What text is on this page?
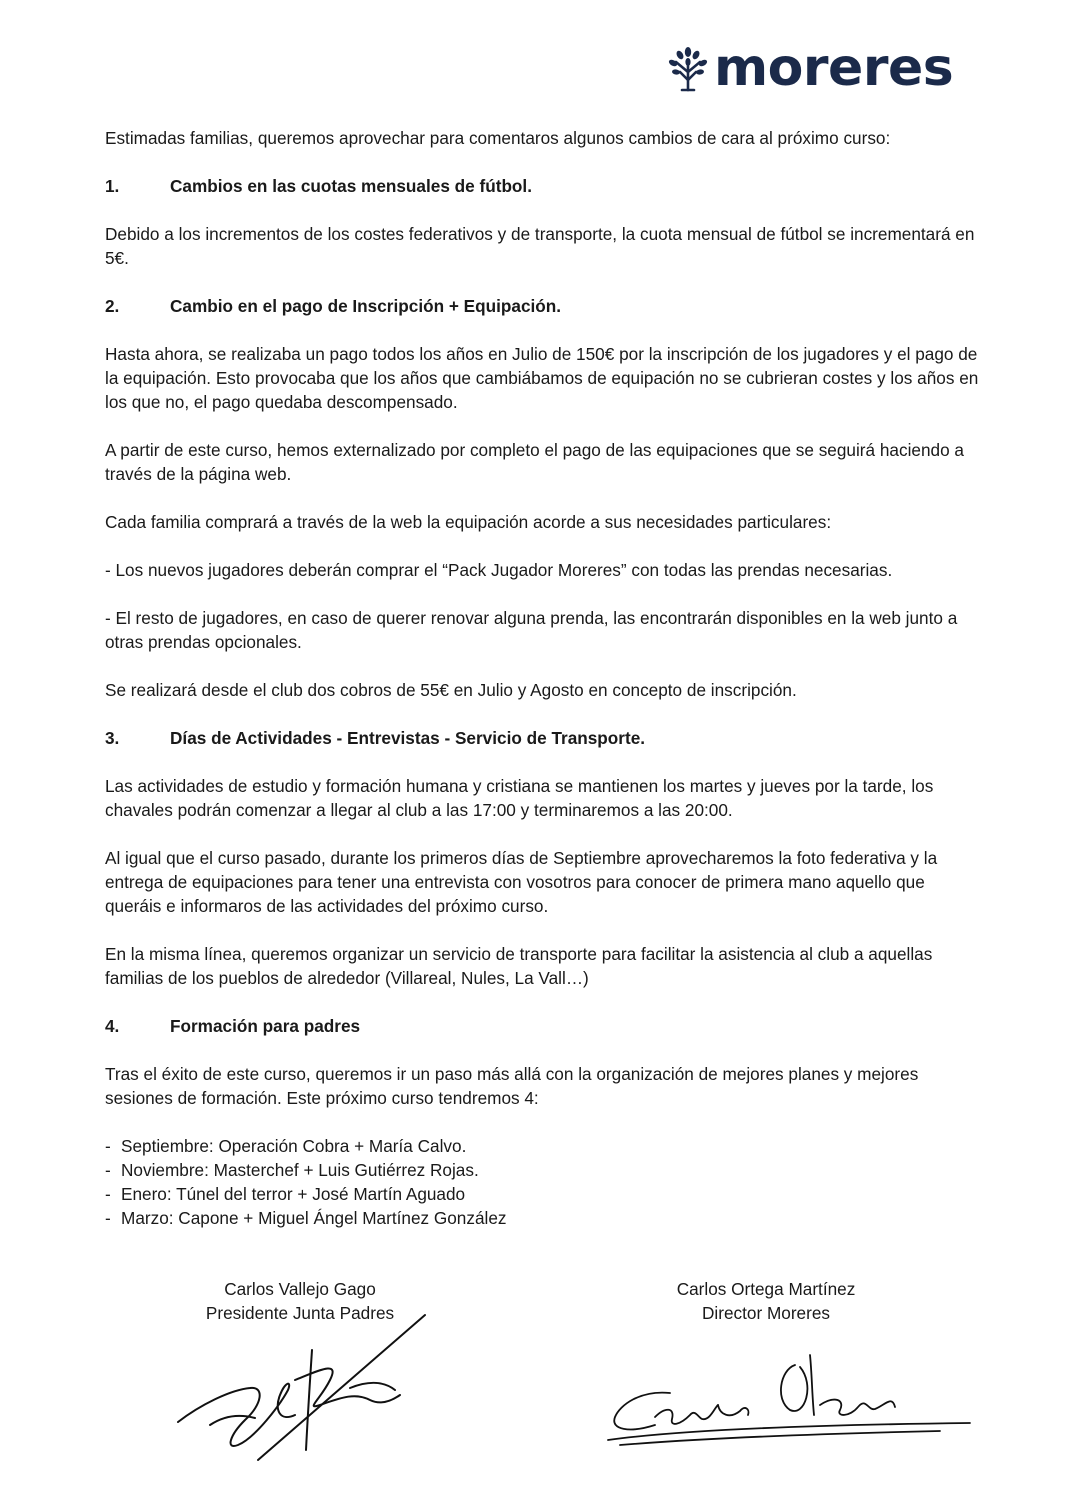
moreres

Estimadas familias, queremos aprovechar para comentaros algunos cambios de cara al próximo curso:

1.	Cambios en las cuotas mensuales de fútbol.

Debido a los incrementos de los costes federativos y de transporte, la cuota mensual de fútbol se incrementará en 5€.

2.	Cambio en el pago de Inscripción + Equipación.

Hasta ahora, se realizaba un pago todos los años en Julio de 150€ por la inscripción de los jugadores y el pago de la equipación. Esto provocaba que los años que cambiábamos de equipación no se cubrieran costes y los años en los que no, el pago quedaba descompensado.

A partir de este curso, hemos externalizado por completo el pago de las equipaciones que se seguirá haciendo a través de la página web.

Cada familia comprará a través de la web la equipación acorde a sus necesidades particulares:

- Los nuevos jugadores deberán comprar el “Pack Jugador Moreres” con todas las prendas necesarias.

- El resto de jugadores, en caso de querer renovar alguna prenda, las encontrarán disponibles en la web junto a otras prendas opcionales.

Se realizará desde el club dos cobros de 55€ en Julio y Agosto en concepto de inscripción.

3.	Días de Actividades - Entrevistas - Servicio de Transporte.

Las actividades de estudio y formación humana y cristiana se mantienen los martes y jueves por la tarde, los chavales podrán comenzar a llegar al club a las 17:00 y terminaremos a las 20:00.

Al igual que el curso pasado, durante los primeros días de Septiembre aprovecharemos la foto federativa y la entrega de equipaciones para tener una entrevista con vosotros para conocer de primera mano aquello que queráis e informaros de las actividades del próximo curso.

En la misma línea, queremos organizar un servicio de transporte para facilitar la asistencia al club a aquellas familias de los pueblos de alrededor (Villareal, Nules, La Vall…)

4.	Formación para padres

Tras el éxito de este curso, queremos ir un paso más allá con la organización de mejores planes y mejores sesiones de formación. Este próximo curso tendremos 4:

- Septiembre: Operación Cobra + María Calvo.
- Noviembre: Masterchef + Luis Gutiérrez Rojas.
- Enero: Túnel del terror + José Martín Aguado
- Marzo: Capone + Miguel Ángel Martínez González
Carlos Vallejo Gago
Presidente Junta Padres
Carlos Ortega Martínez
Director Moreres
